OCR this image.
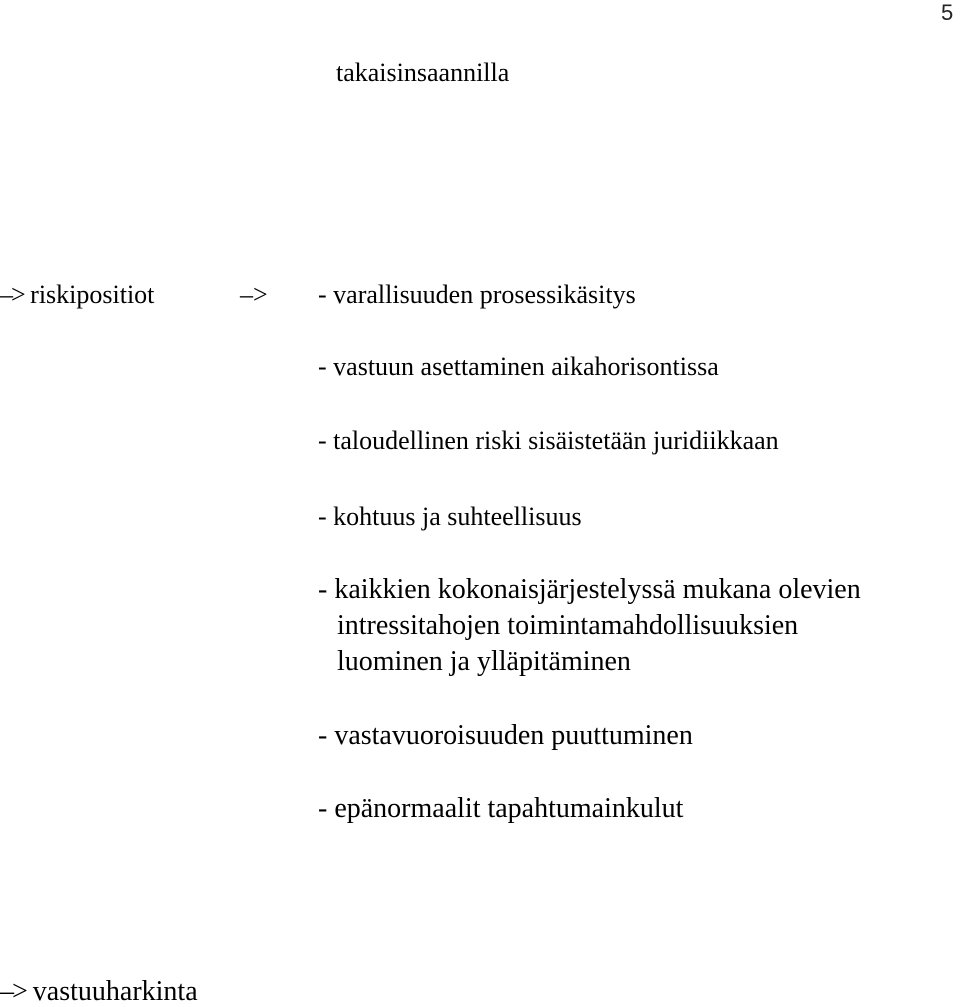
5
takaisinsaannilla
–> riskipositiot	–> - varallisuuden prosessikäsitys
- vastuun asettaminen aikahorisontissa
- taloudellinen riski sisäistetään juridiikkaan
- kohtuus ja suhteellisuus
- kaikkien kokonaisjärjestelyssä mukana olevien
intressitahojen toimintamahdollisuuksien
luominen ja ylläpitäminen
- vastavuoroisuuden puuttuminen
- epänormaalit tapahtumainkulut
–> vastuuharkinta
